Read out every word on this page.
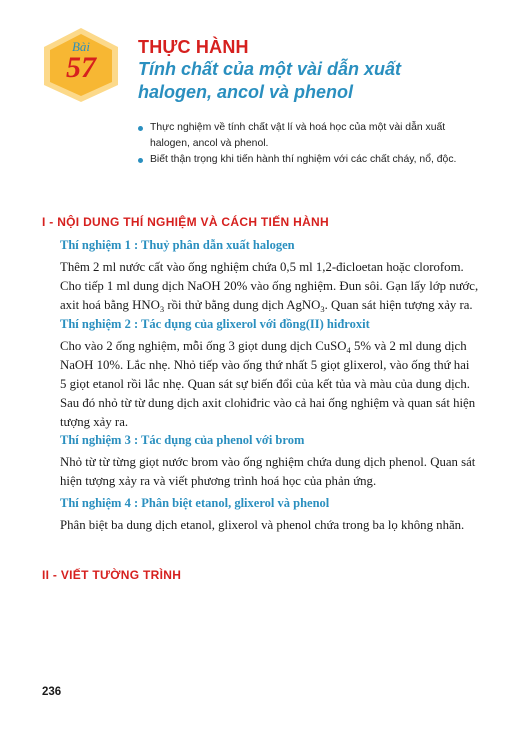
Bài
57
THỰC HÀNH
Tính chất của một vài dẫn xuất
halogen, ancol và phenol
Thực nghiệm về tính chất vật lí và hoá học của một vài dẫn xuất
halogen, ancol và phenol.
Biết thận trọng khi tiến hành thí nghiệm với các chất cháy, nổ, độc.
I - NỘI DUNG THÍ NGHIỆM VÀ CÁCH TIẾN HÀNH
Thí nghiệm 1 : Thuỷ phân dẫn xuất halogen

Thêm 2 ml nước cất vào ống nghiệm chứa 0,5 ml 1,2-đicloetan hoặc clorofom.
Cho tiếp 1 ml dung dịch NaOH 20% vào ống nghiệm. Đun sôi. Gạn lấy lớp nước,
axit hoá bằng $HNO_3$ rồi thử bằng dung dịch AgNO$_3$. Quan sát hiện tượng xảy ra.

Thí nghiệm 2 : Tác dụng của glixerol với đồng(II) hiđroxit

Cho vào 2 ống nghiệm, mỗi ống 3 giọt dung dịch CuSO$_4$ 5% và 2 ml dung dịch
NaOH 10%. Lắc nhẹ. Nhỏ tiếp vào ống thứ nhất 5 giọt glixerol, vào ống thứ hai
5 giọt etanol rồi lắc nhẹ. Quan sát sự biến đổi của kết tủa và màu của dung dịch.
Sau đó nhỏ từ từ dung dịch axit clohiđric vào cả hai ống nghiệm và quan sát hiện
tượng xảy ra.

Thí nghiệm 3 : Tác dụng của phenol với brom

Nhỏ từ từ từng giọt nước brom vào ống nghiệm chứa dung dịch phenol. Quan sát
hiện tượng xảy ra và viết phương trình hoá học của phản ứng.

Thí nghiệm 4 : Phân biệt etanol, glixerol và phenol

Phân biệt ba dung dịch etanol, glixerol và phenol chứa trong ba lọ không nhãn.

II - VIẾT TƯỜNG TRÌNH
236
